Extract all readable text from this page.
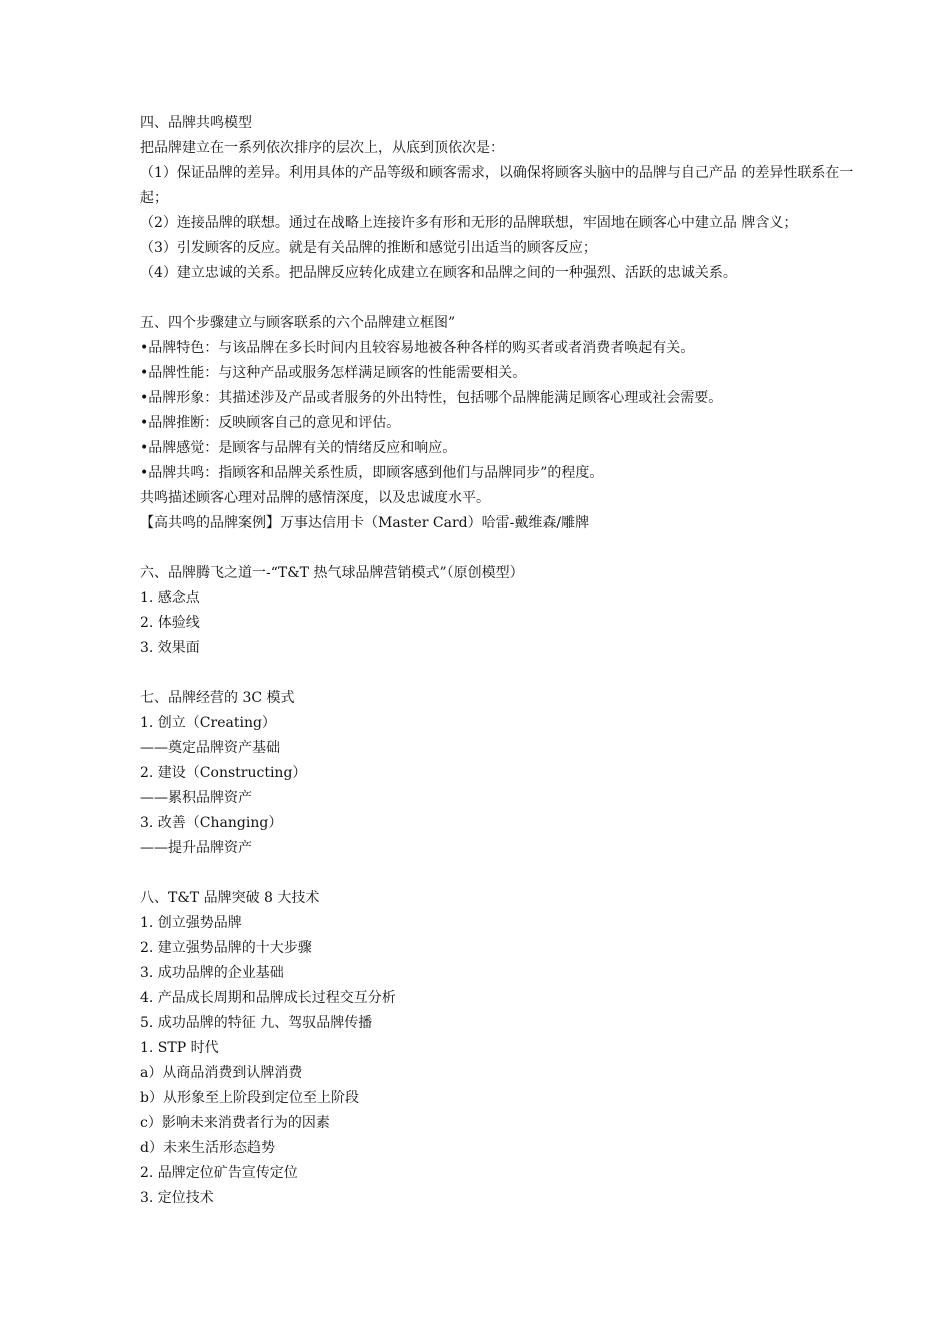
四、品牌共鸣模型

把品牌建立在一系列依次排序的层次上，从底到顶依次是：

（1）保证品牌的差异。利用具体的产品等级和顾客需求，以确保将顾客头脑中的品牌与自己产品 的差异性联系在一起；

（2）连接品牌的联想。通过在战略上连接许多有形和无形的品牌联想，牢固地在顾客心中建立品 牌含义；

（3）引发顾客的反应。就是有关品牌的推断和感觉引出适当的顾客反应；

（4）建立忠诚的关系。把品牌反应转化成建立在顾客和品牌之间的一种强烈、活跃的忠诚关系。

五、四个步骤建立与顾客联系的六个品牌建立框图”

•品牌特色：与该品牌在多长时间内且较容易地被各种各样的购买者或者消费者唤起有关。

•品牌性能：与这种产品或服务怎样满足顾客的性能需要相关。

•品牌形象：其描述涉及产品或者服务的外出特性，包括哪个品牌能满足顾客心理或社会需要。

•品牌推断：反映顾客自己的意见和评估。

•品牌感觉：是顾客与品牌有关的情绪反应和响应。

•品牌共鸣：指顾客和品牌关系性质，即顾客感到他们与品牌同步”的程度。

共鸣描述顾客心理对品牌的感情深度，以及忠诚度水平。

【高共鸣的品牌案例】万事达信用卡（Master Card）哈雷-戴维森/雕牌

六、品牌腾飞之道一-“T&T 热气球品牌营销模式”（原创模型）

1. 感念点

2. 体验线

3. 效果面

七、品牌经营的 3C 模式

1. 创立（Creating）

——奠定品牌资产基础

2. 建设（Constructing）

——累积品牌资产

3. 改善（Changing）

——提升品牌资产

八、T&T 品牌突破 8 大技术

1. 创立强势品牌

2. 建立强势品牌的十大步骤

3. 成功品牌的企业基础

4. 产品成长周期和品牌成长过程交互分析

5. 成功品牌的特征 九、驾驭品牌传播

1. STP 时代

a）从商品消费到认牌消费

b）从形象至上阶段到定位至上阶段

c）影响未来消费者行为的因素

d）未来生活形态趋势

2. 品牌定位矿告宣传定位

3. 定位技术
